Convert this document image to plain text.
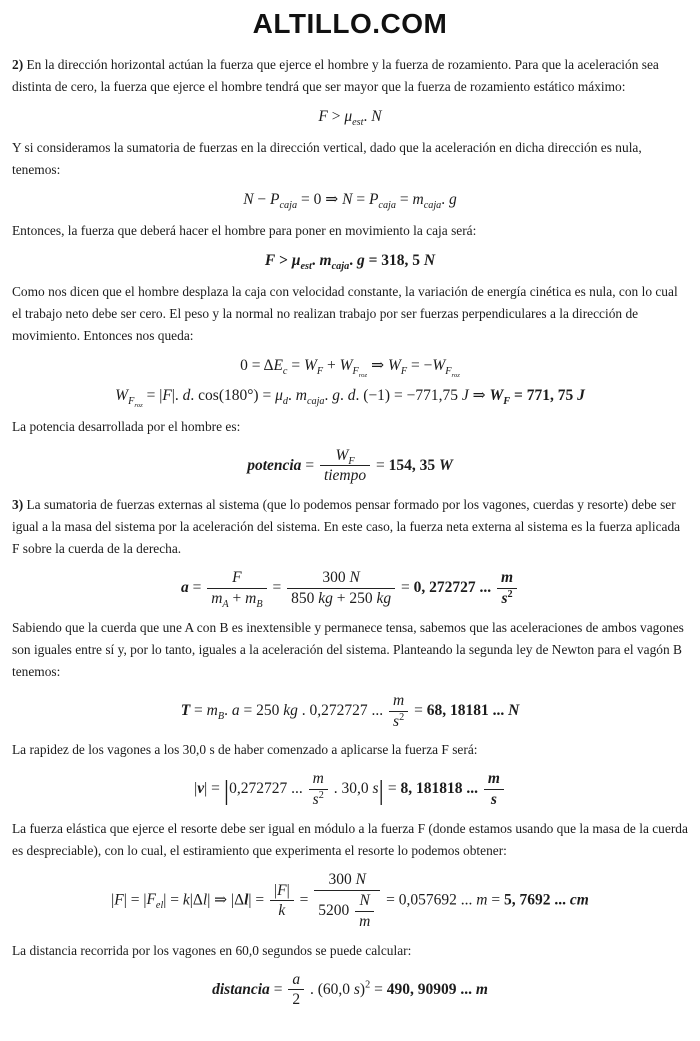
ALTILLO.COM

2) En la dirección horizontal actúan la fuerza que ejerce el hombre y la fuerza de rozamiento. Para que la aceleración sea distinta de cero, la fuerza que ejerce el hombre tendrá que ser mayor que la fuerza de rozamiento estático máximo:

$F > \mu_{est}$. N

Y si consideramos la sumatoria de fuerzas en la dirección vertical, dado que la aceleración en dicha dirección es nula, tenemos:

$N - P_{caja} = 0$ ⇒ $N = P_{caja} = m_{caja}$. g

Entonces, la fuerza que deberá hacer el hombre para poner en movimiento la caja será:

$F > \mu_{est}$. $m_{caja}$. g = 318, 5 N

Como nos dicen que el hombre desplaza la caja con velocidad constante, la variación de energía cinética es nula, con lo cual el trabajo neto debe ser cero. El peso y la normal no realizan trabajo por ser fuerzas perpendiculares a la dirección de movimiento. Entonces nos queda:

$0 = \Delta E_c = W_F + W_{F_{roz}}$ ⇒ $W_F = -W_{F_{roz}}$
$W_{F_{roz}} = |F|$. d. $\cos(180^\circ) = \mu_d$. $m_{caja}$. g. d. (−1) = −771,75 J ⇒ $W_F = 771$, 75 J

La potencia desarrollada por el hombre es:

potencia = $\frac{W_F}{\text{tiempo}} = 154$, 35 W

3) La sumatoria de fuerzas externas al sistema (que lo podemos pensar formado por los vagones, cuerdas y resorte) debe ser igual a la masa del sistema por la aceleración del sistema. En este caso, la fuerza neta externa al sistema es la fuerza aplicada F sobre la cuerda de la derecha.

$a = \frac{F}{m_A + m_B} = \frac{300 N}{850 kg + 250 kg} = 0$, 272727 ... $\frac{m}{s^2}$

Sabiendo que la cuerda que une A con B es inextensible y permanece tensa, sabemos que las aceleraciones de ambos vagones son iguales entre sí y, por lo tanto, iguales a la aceleración del sistema. Planteando la segunda ley de Newton para el vagón B tenemos:

$T = m_B$. a = 250 kg . 0,272727 ... $\frac{m}{s^2} = 68$, 18181 ... N

La rapidez de los vagones a los 30,0 s de haber comenzado a aplicarse la fuerza F será:

|v| = |0,272727 ... $\frac{m}{s^2}$ . 30,0 s| = 8, 181818 ... $\frac{m}{s}$

La fuerza elástica que ejerce el resorte debe ser igual en módulo a la fuerza F (donde estamos usando que la masa de la cuerda es despreciable), con lo cual, el estiramiento que experimenta el resorte lo podemos obtener:

$|F| = |F_{el}| = k|\Delta l|$ ⇒ $|\Delta l| = \frac{|F|}{k} = \frac{300 N}{5200 \frac{N}{m}} = 0,057692$ ... m = 5, 7692 ... cm

La distancia recorrida por los vagones en 60,0 segundos se puede calcular:

distancia = $\frac{a}{2}$ . (60,0 s)$^2$ = 490, 90909 ... m
